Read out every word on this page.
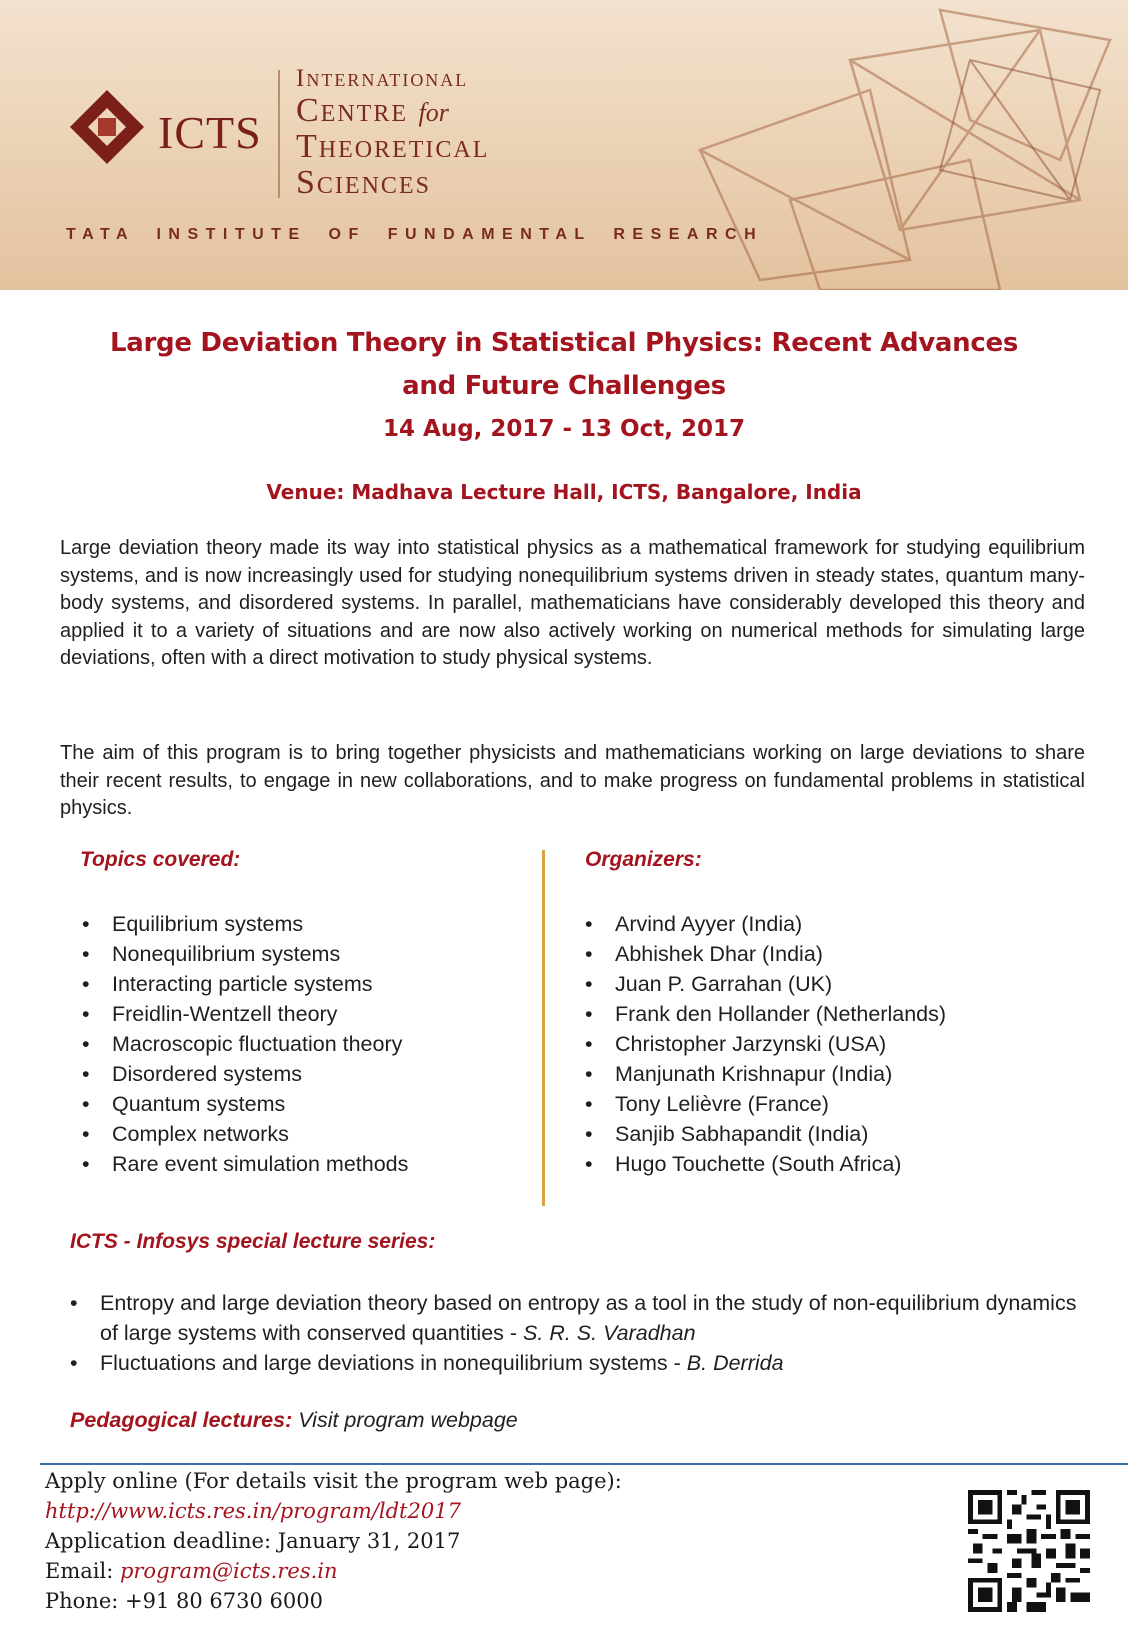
ICTS
International
Centre for
Theoretical
Sciences
TATA INSTITUTE OF FUNDAMENTAL RESEARCH
Large Deviation Theory in Statistical Physics: Recent Advances
and Future Challenges
14 Aug, 2017 - 13 Oct, 2017
Venue: Madhava Lecture Hall, ICTS, Bangalore, India
Large deviation theory made its way into statistical physics as a mathematical framework for studying equilibrium systems, and is now increasingly used for studying nonequilibrium systems driven in steady states, quantum many-body systems, and disordered systems. In parallel, mathematicians have considerably developed this theory and applied it to a variety of situations and are now also actively working on numerical methods for simulating large deviations, often with a direct motivation to study physical systems.
The aim of this program is to bring together physicists and mathematicians working on large deviations to share their recent results, to engage in new collaborations, and to make progress on fundamental problems in statistical physics.
Topics covered:	Organizers:
• Equilibrium systems
• Nonequilibrium systems
• Interacting particle systems
• Freidlin-Wentzell theory
• Macroscopic fluctuation theory
• Disordered systems
• Quantum systems
• Complex networks
• Rare event simulation methods
• Arvind Ayyer (India)
• Abhishek Dhar (India)
• Juan P. Garrahan (UK)
• Frank den Hollander (Netherlands)
• Christopher Jarzynski (USA)
• Manjunath Krishnapur (India)
• Tony Lelièvre (France)
• Sanjib Sabhapandit (India)
• Hugo Touchette (South Africa)
ICTS - Infosys special lecture series:
• Entropy and large deviation theory based on entropy as a tool in the study of non-equilibrium dynamics of large systems with conserved quantities - S. R. S. Varadhan
• Fluctuations and large deviations in nonequilibrium systems - B. Derrida
Pedagogical lectures: Visit program webpage
Apply online (For details visit the program web page):
http://www.icts.res.in/program/ldt2017
Application deadline: January 31, 2017
Email: program@icts.res.in
Phone: +91 80 6730 6000
